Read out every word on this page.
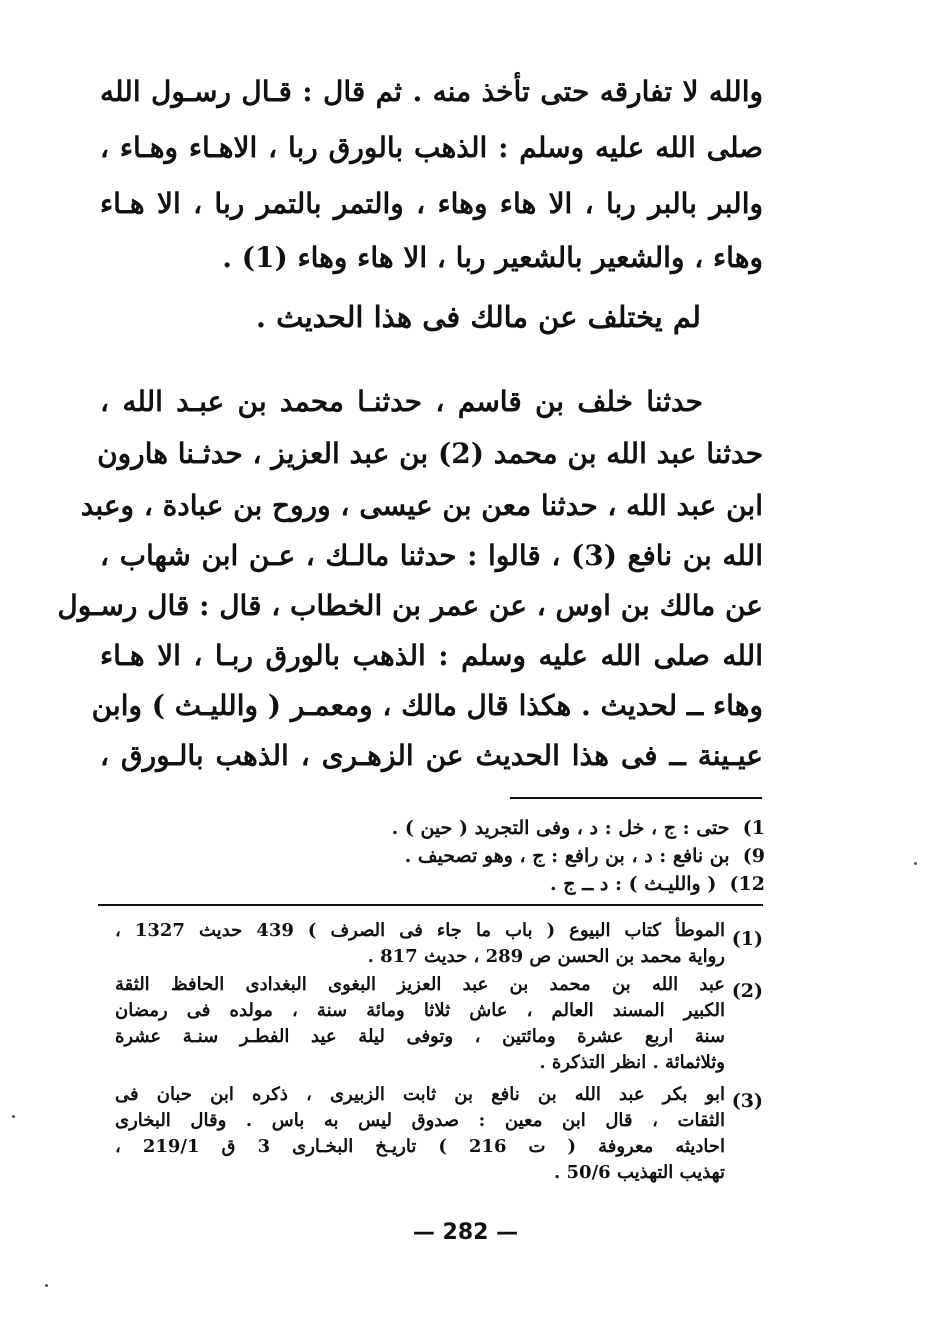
والله لا تفارقه حتى تأخذ منه . ثم قال : قـال رسـول الله
صلى الله عليه وسلم : الذهب بالورق ربا ، الاهـاء وهـاء ،
والبر بالبر ربا ، الا هاء وهاء ، والتمر بالتمر ربا ، الا هـاء
وهاء ، والشعير بالشعير ربا ، الا هاء وهاء (1) .
لم يختلف عن مالك فى هذا الحديث .
حدثنا خلف بن قاسم ، حدثنـا محمد بن عبـد الله ،
حدثنا عبد الله بن محمد (2) بن عبد العزيز ، حدثـنا هارون
ابن عبد الله ، حدثنا معن بن عيسى ، وروح بن عبادة ، وعبد
الله بن نافع (3) ، قالوا : حدثنا مالـك ، عـن ابن شهاب ،
عن مالك بن اوس ، عن عمر بن الخطاب ، قال : قال رسـول
الله صلى الله عليه وسلم : الذهب بالورق ربـا ، الا هـاء
وهاء ــ لحديث . هكذا قال مالك ، ومعمـر ( والليـث ) وابن
عيـينة ــ فى هذا الحديث عن الزهـرى ، الذهب بالـورق ،
1)  حتى : ج ، خل : د ، وفى التجريد ( حين ) .
9)  بن نافع : د ، بن رافع : ج ، وهو تصحيف .
12)  ( والليـث ) : د ــ ج .
(1)
الموطأ كتاب البيوع ( باب ما جاء فى الصرف ) 439 حديث 1327 ،
رواية محمد بن الحسن ص 289 ، حديث 817 .
(2)
عبد الله بن محمد بن عبد العزيز البغوى البغدادى الحافظ الثقة
الكبير المسند العالم ، عاش ثلاثا ومائة سنة ، مولده فى رمضان
سنة اربع عشرة ومائتين ، وتوفى ليلة عيد الفطـر سنـة عشرة
وثلاثمائة . انظر التذكرة .
(3)
ابو بكر عبد الله بن نافع بن ثابت الزبيرى ، ذكره ابن حبان فى
الثقات ، قال ابن معين : صدوق ليس به باس . وقال البخارى
احاديثه معروفة ( ت 216 ) تاريـخ البخـارى 3 ق 219/1 ،
تهذيب التهذيب 50/6 .
— 282 —
